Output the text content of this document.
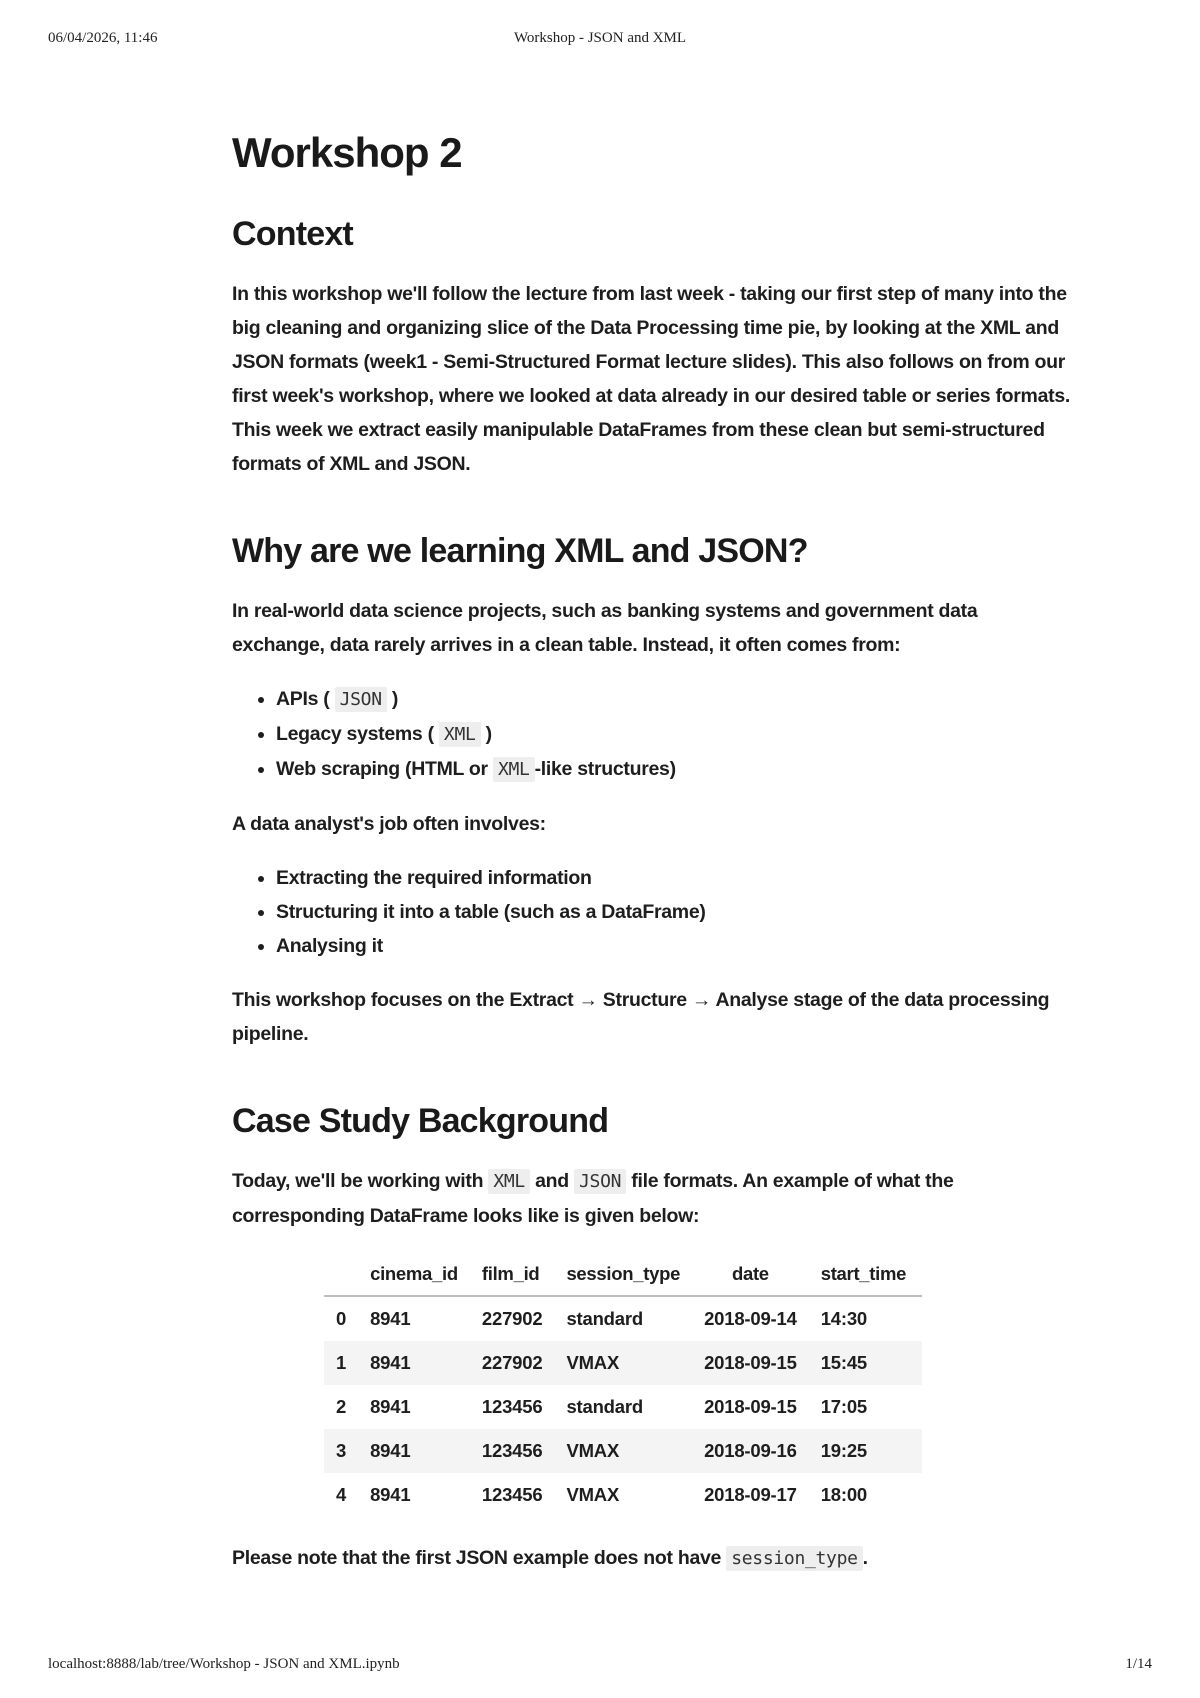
06/04/2026, 11:46	Workshop - JSON and XML
Workshop 2
Context

In this workshop we'll follow the lecture from last week - taking our first step of many into the big cleaning and organizing slice of the Data Processing time pie, by looking at the XML and JSON formats (week1 - Semi-Structured Format lecture slides). This also follows on from our first week's workshop, where we looked at data already in our desired table or series formats. This week we extract easily manipulable DataFrames from these clean but semi-structured formats of XML and JSON.

Why are we learning XML and JSON?

In real-world data science projects, such as banking systems and government data exchange, data rarely arrives in a clean table. Instead, it often comes from:

• APIs ( JSON )
• Legacy systems ( XML )
• Web scraping (HTML or XML -like structures)

A data analyst's job often involves:

• Extracting the required information
• Structuring it into a table (such as a DataFrame)
• Analysing it

This workshop focuses on the Extract → Structure → Analyse stage of the data processing pipeline.

Case Study Background

Today, we'll be working with XML and JSON file formats. An example of what the corresponding DataFrame looks like is given below:

	cinema_id	film_id	session_type	date	start_time
0	8941	227902	standard	2018-09-14	14:30
1	8941	227902	VMAX	2018-09-15	15:45
2	8941	123456	standard	2018-09-15	17:05
3	8941	123456	VMAX	2018-09-16	19:25
4	8941	123456	VMAX	2018-09-17	18:00

Please note that the first JSON example does not have session_type .

localhost:8888/lab/tree/Workshop - JSON and XML.ipynb	1/14
